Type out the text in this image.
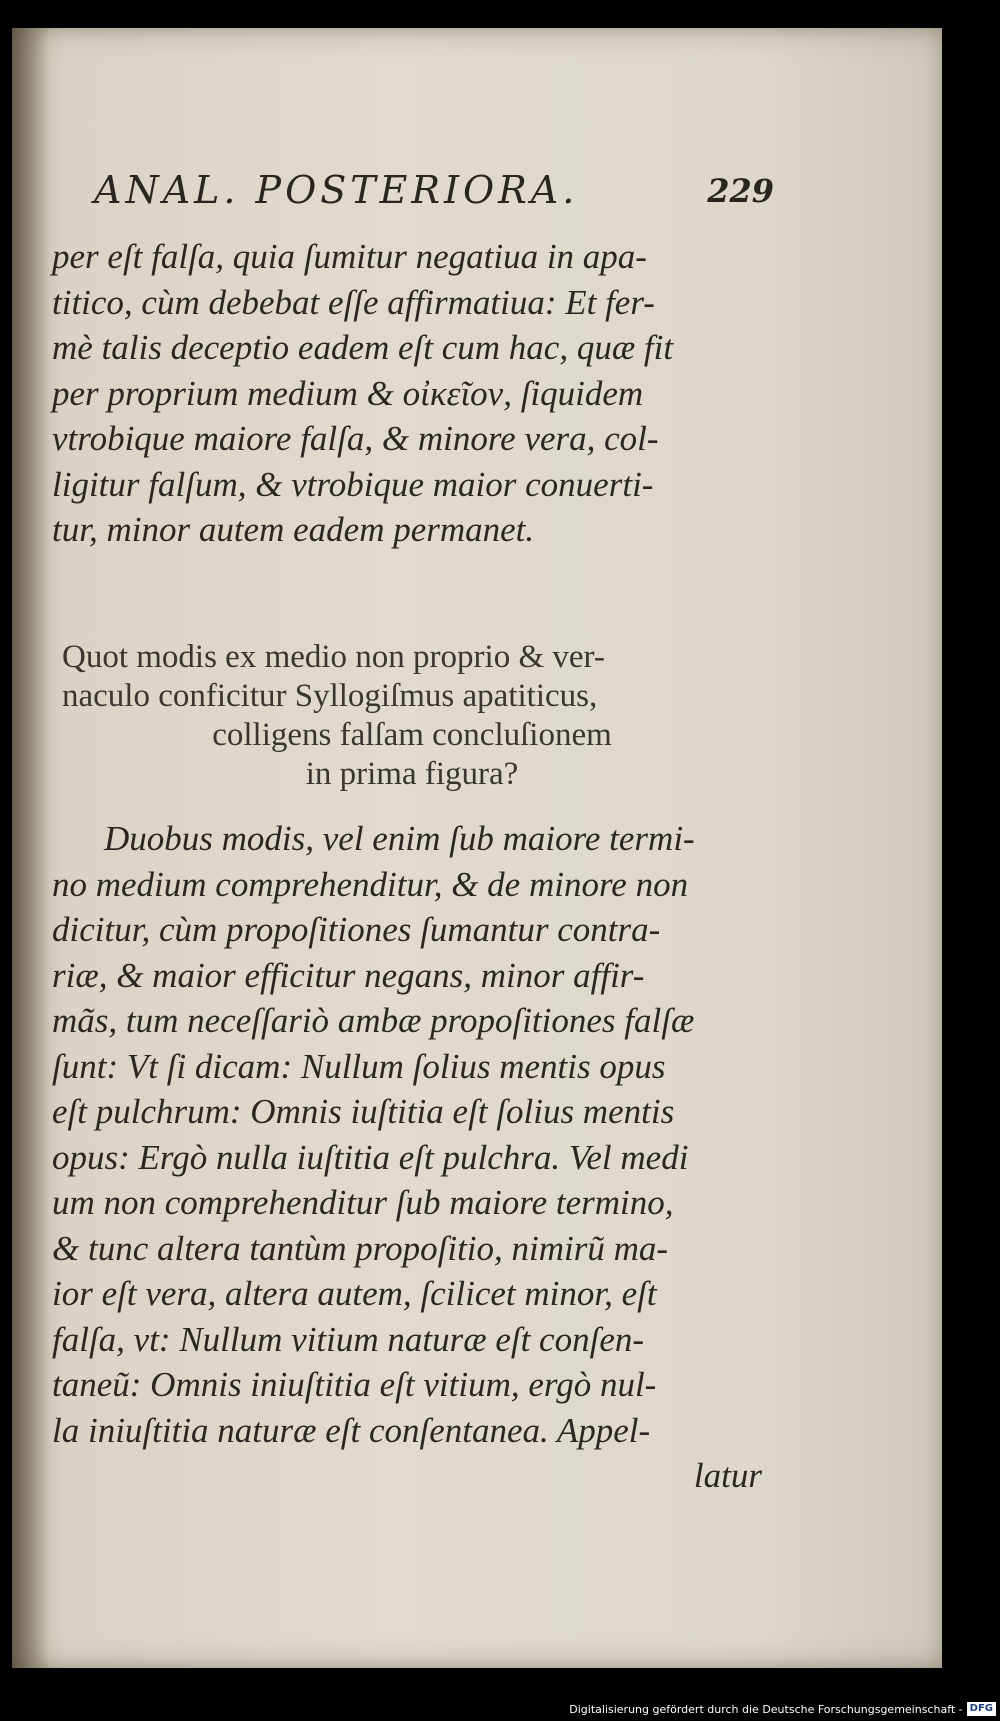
ANAL. POSTERIORA.	229
per eſt falſa, quia ſumitur negatiua in apa-
titico, cùm debebat eſſe affirmatiua: Et fer-
mè talis deceptio eadem eſt cum hac, quæ fit
per proprium medium & οἰκεῖον, ſiquidem
vtrobique maiore falſa, & minore vera, col-
ligitur falſum, & vtrobique maior conuerti-
tur, minor autem eadem permanet.
Quot modis ex medio non proprio & ver-
naculo conficitur Syllogiſmus apatiticus,
colligens falſam concluſionem
in prima figura?
Duobus modis, vel enim ſub maiore termi-
no medium comprehenditur, & de minore non
dicitur, cùm propoſitiones ſumantur contra-
riæ, & maior efficitur negans, minor affir-
mãs, tum neceſſariò ambæ propoſitiones falſæ
ſunt: Vt ſi dicam: Nullum ſolius mentis opus
eſt pulchrum: Omnis iuſtitia eſt ſolius mentis
opus: Ergò nulla iuſtitia eſt pulchra. Vel medi
um non comprehenditur ſub maiore termino,
& tunc altera tantùm propoſitio, nimirũ ma-
ior eſt vera, altera autem, ſcilicet minor, eſt
falſa, vt: Nullum vitium naturæ eſt conſen-
taneũ: Omnis iniuſtitia eſt vitium, ergò nul-
la iniuſtitia naturæ eſt conſentanea. Appel-
latur
Digitalisierung gefördert durch die Deutsche Forschungsgemeinschaft - DFG
